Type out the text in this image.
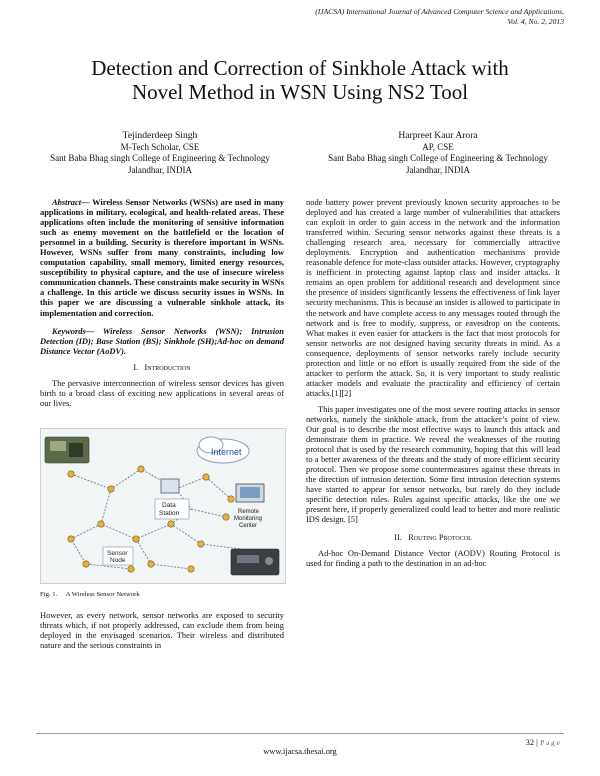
(IJACSA) International Journal of Advanced Computer Science and Applications,
Vol. 4, No. 2, 2013
Detection and Correction of Sinkhole Attack with
Novel Method in WSN Using NS2 Tool
Tejinderdeep Singh
M-Tech Scholar, CSE
Sant Baba Bhag singh College of Engineering & Technology
Jalandhar, INDIA
Harpreet Kaur Arora
AP, CSE
Sant Baba Bhag singh College of Engineering & Technology
Jalandhar, INDIA

Abstract— Wireless Sensor Networks (WSNs) are used in many applications in military, ecological, and health-related areas. These applications often include the monitoring of sensitive information such as enemy movement on the battlefield or the location of personnel in a building. Security is therefore important in WSNs. However, WSNs suffer from many constraints, including low computation capability, small memory, limited energy resources, susceptibility to physical capture, and the use of insecure wireless communication channels. These constraints make security in WSNs a challenge. In this article we discuss security issues in WSNs. In this paper we are discussing a vulnerable sinkhole attack, its implementation and correction.

Keywords— Wireless Sensor Networks (WSN); Intrusion Detection (ID); Base Station (BS); Sinkhole (SH);Ad-hoc on demand Distance Vector (AoDV).

I. Introduction

The pervasive interconnection of wireless sensor devices has given birth to a broad class of exciting new applications in several areas of our lives.

Internet
Data
Station	Remote
Monitoring
Center
Sensor
Node
Fig. 1. A Wireless Sensor Network

However, as every network, sensor networks are exposed to security threats which, if not properly addressed, can exclude them from being deployed in the envisaged scenarios. Their wireless and distributed nature and the serious constraints in

node battery power prevent previously known security approaches to be deployed and has created a large number of vulnerabilities that attackers can exploit in order to gain access in the network and the information transferred within. Securing sensor networks against these threats is a challenging research area, necessary for commercially attractive deployments. Encryption and authentication mechanisms provide reasonable defence for mote-class outsider attacks. However, cryptography is inefficient in protecting against laptop class and insider attacks. It remains an open problem for additional research and development since the presence of insiders significantly lessens the effectiveness of link layer security mechanisms. This is because an insider is allowed to participate in the network and have complete access to any messages routed through the network and is free to modify, suppress, or eavesdrop on the contents. What makes it even easier for attackers is the fact that most protocols for sensor networks are not designed having security threats in mind. As a consequence, deployments of sensor networks rarely include security protection and little or no effort is usually required from the side of the attacker to perform the attack. So, it is very important to study realistic attacker models and evaluate the practicality and efficiency of certain attacks.[1][2]

This paper investigates one of the most severe routing attacks in sensor networks, namely the sinkhole attack, from the attacker’s point of view. Our goal is to describe the most effective ways to launch this attack and demonstrate them in practice. We reveal the weaknesses of the routing protocol that is used by the research community, hoping that this will lead to a better awareness of the threats and the study of more efficient security protocol. Then we propose some countermeasures against these threats in the direction of intrusion detection. Some first intrusion detection systems have started to appear for sensor networks, but rarely do they include specific detection rules. Rules against specific attacks, like the one we present here, if properly generalized could lead to better and more realistic IDS design. [5]

II. Routing Protocol

Ad-hoc On-Demand Distance Vector (AODV) Routing Protocol is used for finding a path to the destination in an ad-hoc

32 | P a g e
www.ijacsa.thesai.org
